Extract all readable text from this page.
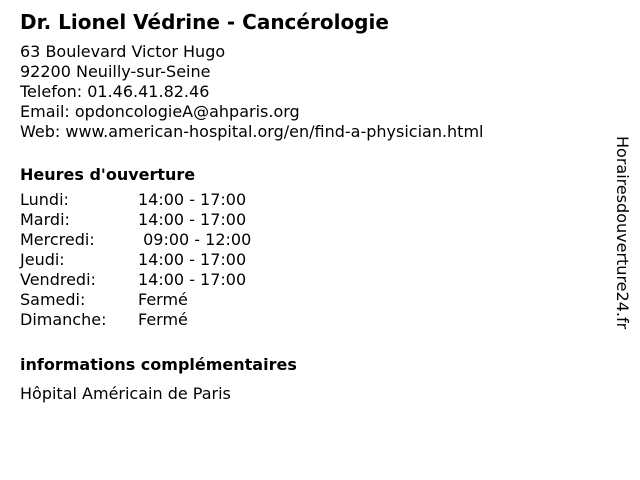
Dr. Lionel Védrine - Cancérologie
63 Boulevard Victor Hugo
92200 Neuilly-sur-Seine
Telefon: 01.46.41.82.46
Email: opdoncologieA@ahparis.org
Web: www.american-hospital.org/en/find-a-physician.html
Heures d'ouverture
Lundi:	14:00 - 17:00
Mardi:	14:00 - 17:00
Mercredi:	09:00 - 12:00
Jeudi:	14:00 - 17:00
Vendredi:	14:00 - 17:00
Samedi:	Fermé
Dimanche:	Fermé
informations complémentaires
Hôpital Américain de Paris
Horairesdouverture24.fr
